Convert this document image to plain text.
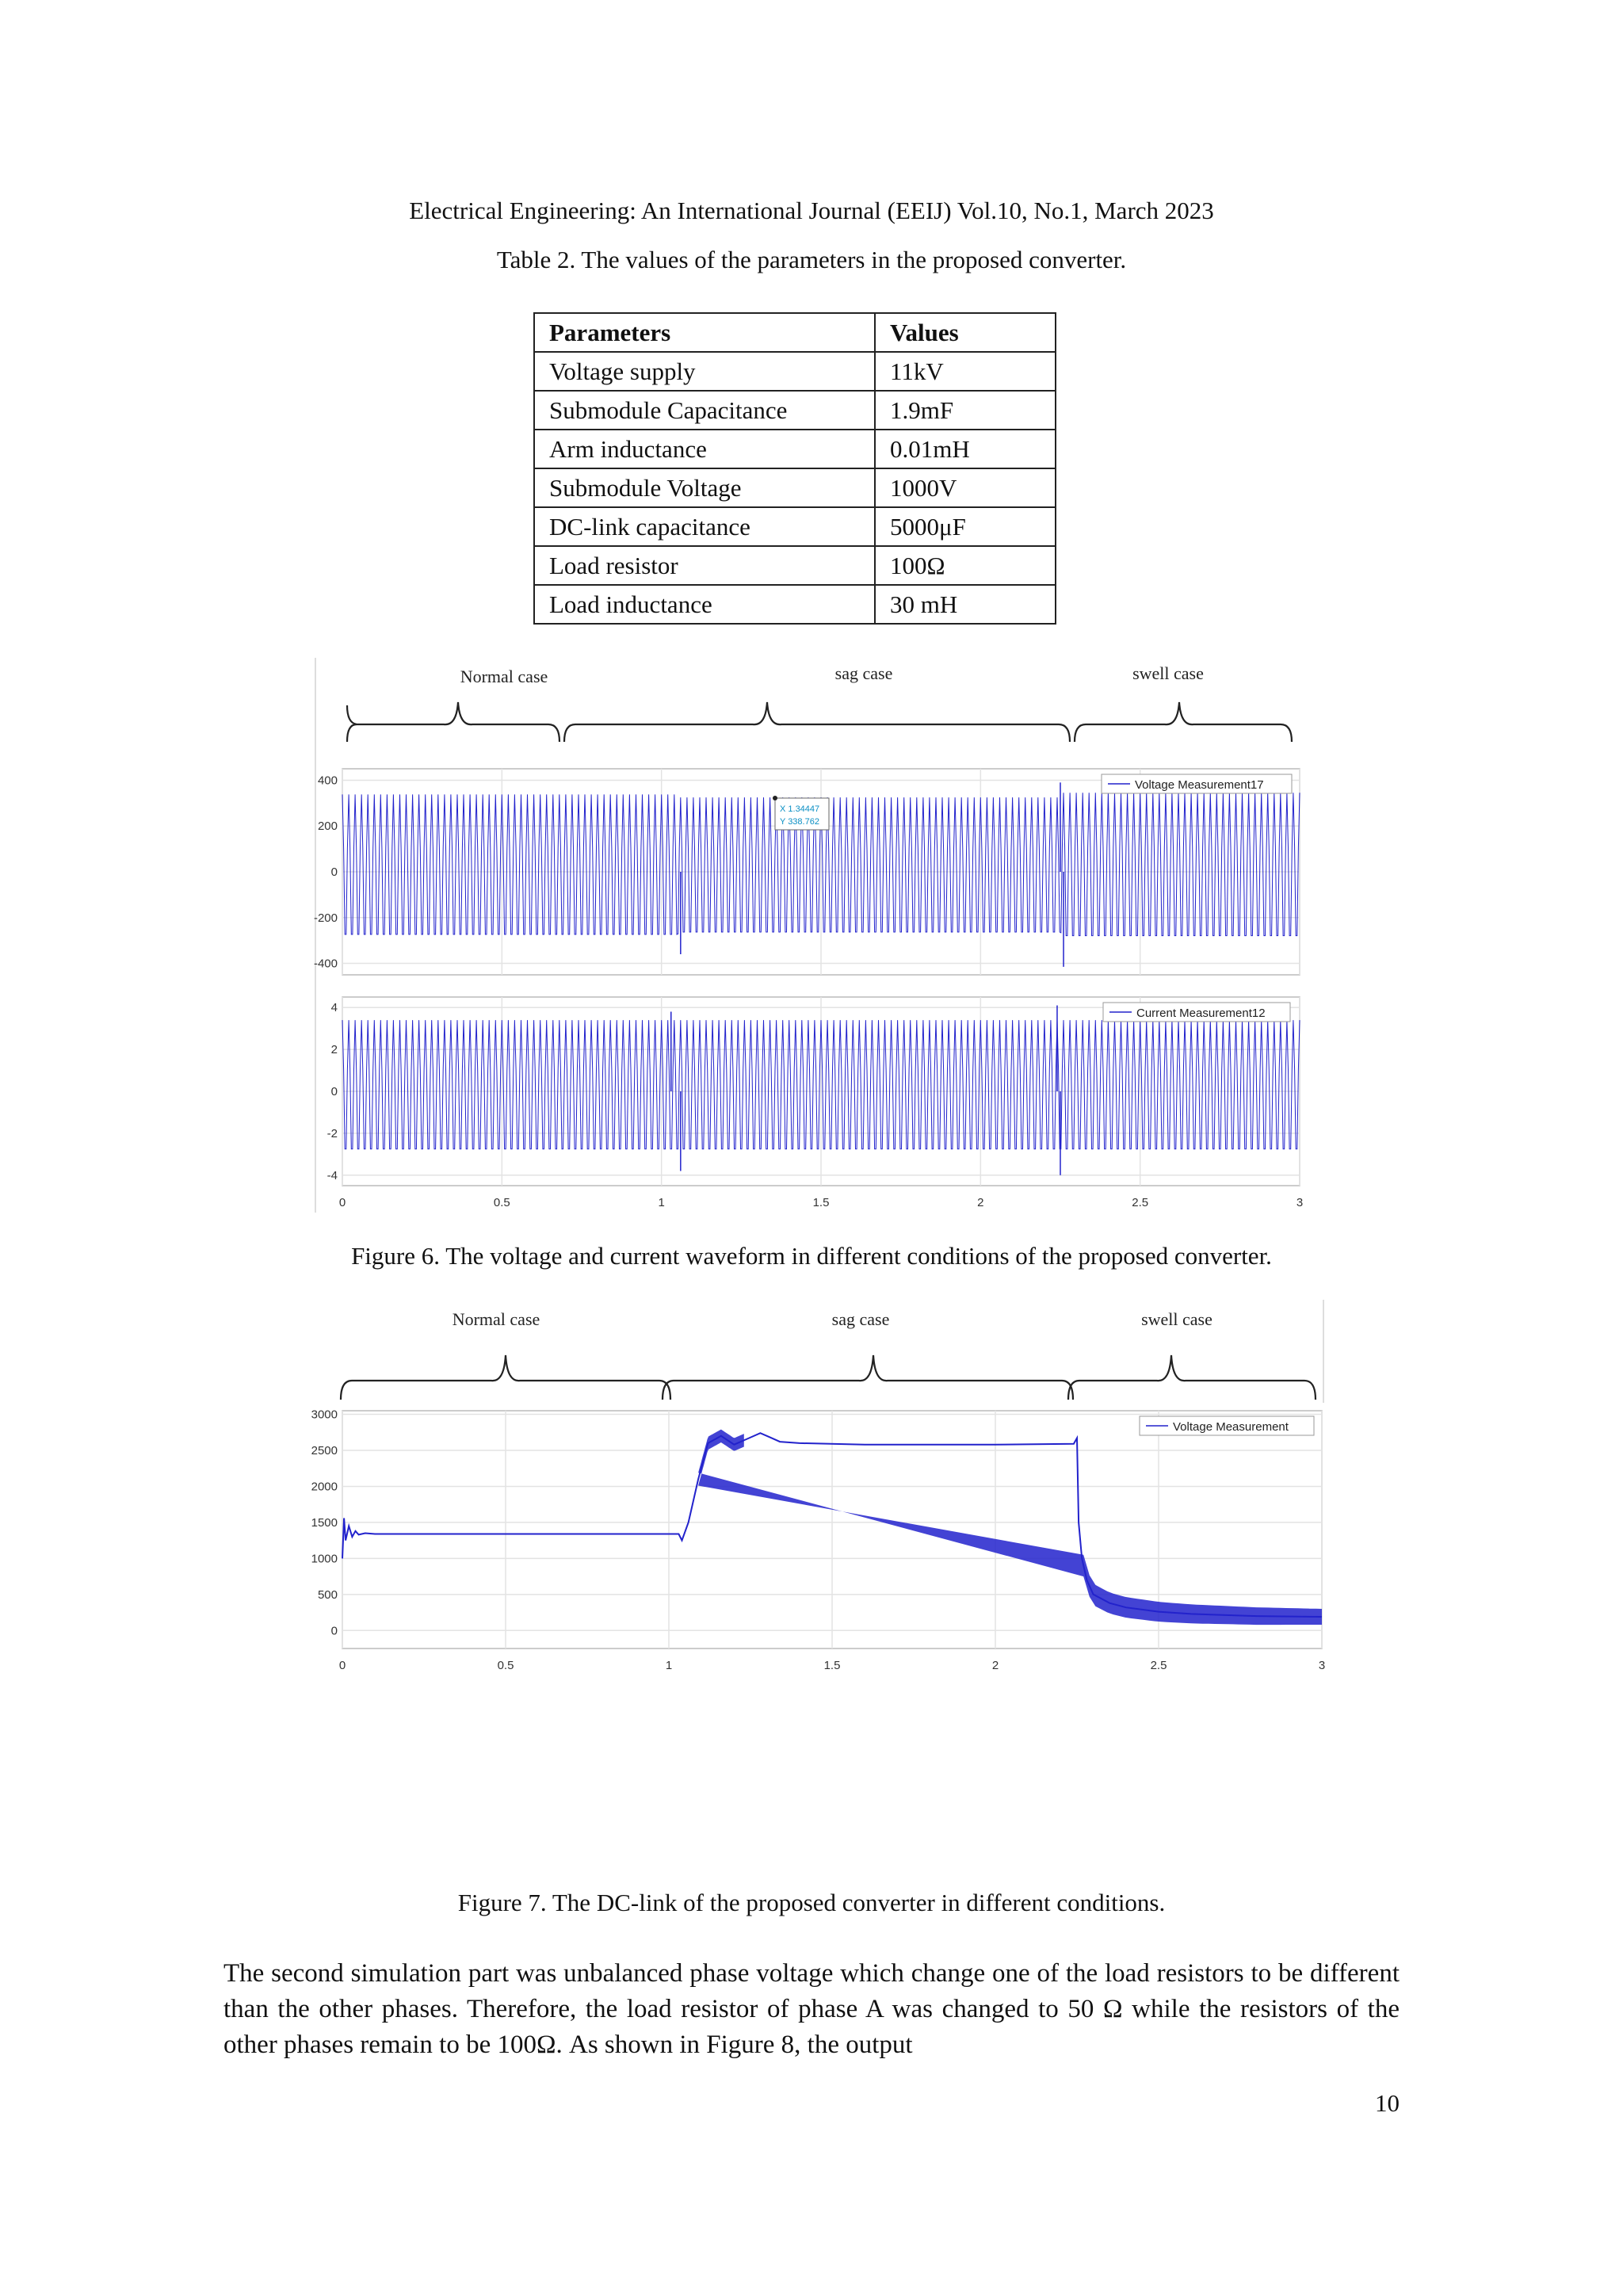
Electrical Engineering: An International Journal (EEIJ) Vol.10, No.1, March 2023
Table 2. The values of the parameters in the proposed converter.
Parameters	Values
Voltage supply	11kV
Submodule Capacitance	1.9mF
Arm inductance	0.01mH
Submodule Voltage	1000V
DC-link capacitance	5000μF
Load resistor	100Ω
Load inductance	30 mH
Normal case	sag case	swell case
400
200
0
-200
-400
Voltage Measurement17
X 1.34447
Y 338.762
4
2
0
-2
-4
Current Measurement12
0	0.5	1	1.5	2	2.5	3
Figure 6. The voltage and current waveform in different conditions of the proposed converter.
Normal case	sag case	swell case
3000
2500
2000
1500
1000
500
0
Voltage Measurement
0	0.5	1	1.5	2	2.5	3
Figure 7. The DC-link of the proposed converter in different conditions.
The second simulation part was unbalanced phase voltage which change one of the load resistors to be different than the other phases. Therefore, the load resistor of phase A was changed to 50 Ω while the resistors of the other phases remain to be 100Ω. As shown in Figure 8, the output
10
